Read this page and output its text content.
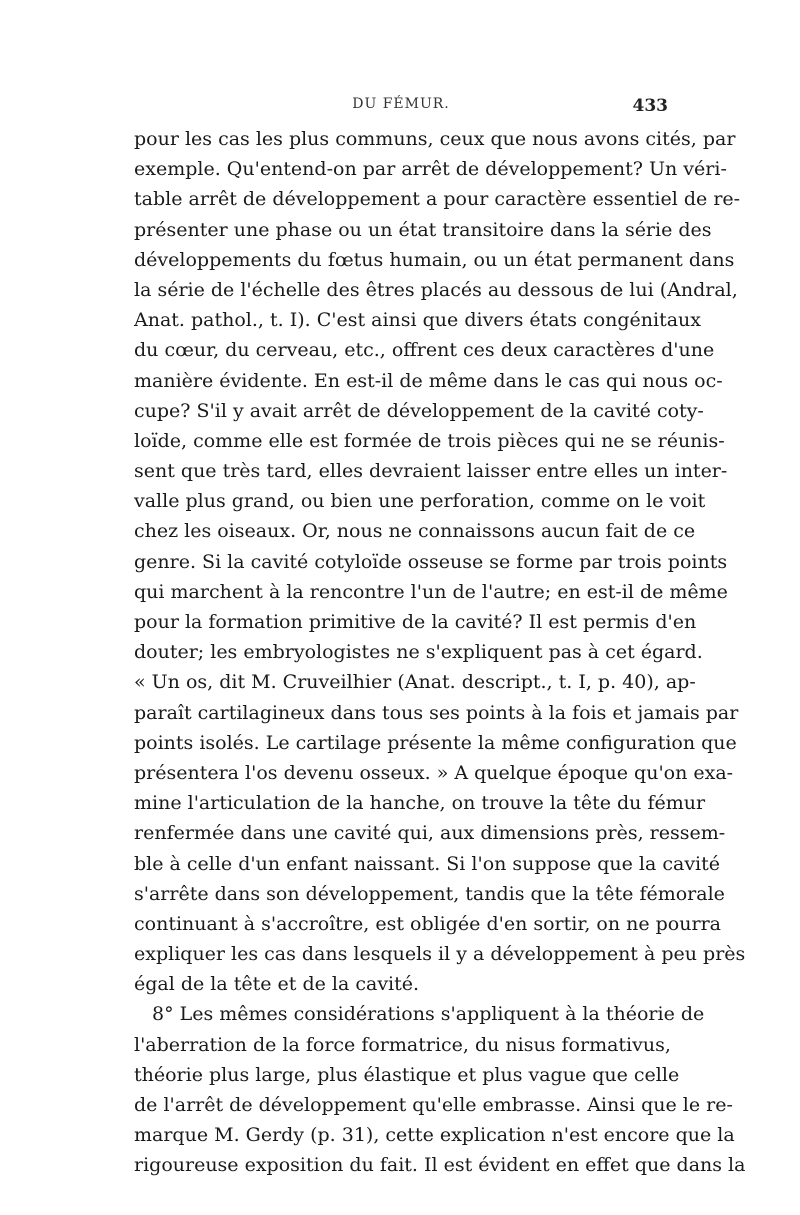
DU FÉMUR.	433
pour les cas les plus communs, ceux que nous avons cités, par
exemple. Qu'entend-on par arrêt de développement? Un véri-
table arrêt de développement a pour caractère essentiel de re-
présenter une phase ou un état transitoire dans la série des
développements du fœtus humain, ou un état permanent dans
la série de l'échelle des êtres placés au dessous de lui (Andral,
Anat. pathol., t. I). C'est ainsi que divers états congénitaux
du cœur, du cerveau, etc., offrent ces deux caractères d'une
manière évidente. En est-il de même dans le cas qui nous oc-
cupe? S'il y avait arrêt de développement de la cavité coty-
loïde, comme elle est formée de trois pièces qui ne se réunis-
sent que très tard, elles devraient laisser entre elles un inter-
valle plus grand, ou bien une perforation, comme on le voit
chez les oiseaux. Or, nous ne connaissons aucun fait de ce
genre. Si la cavité cotyloïde osseuse se forme par trois points
qui marchent à la rencontre l'un de l'autre; en est-il de même
pour la formation primitive de la cavité? Il est permis d'en
douter; les embryologistes ne s'expliquent pas à cet égard.
« Un os, dit M. Cruveilhier (Anat. descript., t. I, p. 40), ap-
paraît cartilagineux dans tous ses points à la fois et jamais par
points isolés. Le cartilage présente la même configuration que
présentera l'os devenu osseux. » A quelque époque qu'on exa-
mine l'articulation de la hanche, on trouve la tête du fémur
renfermée dans une cavité qui, aux dimensions près, ressem-
ble à celle d'un enfant naissant. Si l'on suppose que la cavité
s'arrête dans son développement, tandis que la tête fémorale
continuant à s'accroître, est obligée d'en sortir, on ne pourra
expliquer les cas dans lesquels il y a développement à peu près
égal de la tête et de la cavité.
8° Les mêmes considérations s'appliquent à la théorie de
l'aberration de la force formatrice, du nisus formativus,
théorie plus large, plus élastique et plus vague que celle
de l'arrêt de développement qu'elle embrasse. Ainsi que le re-
marque M. Gerdy (p. 31), cette explication n'est encore que la
rigoureuse exposition du fait. Il est évident en effet que dans la
